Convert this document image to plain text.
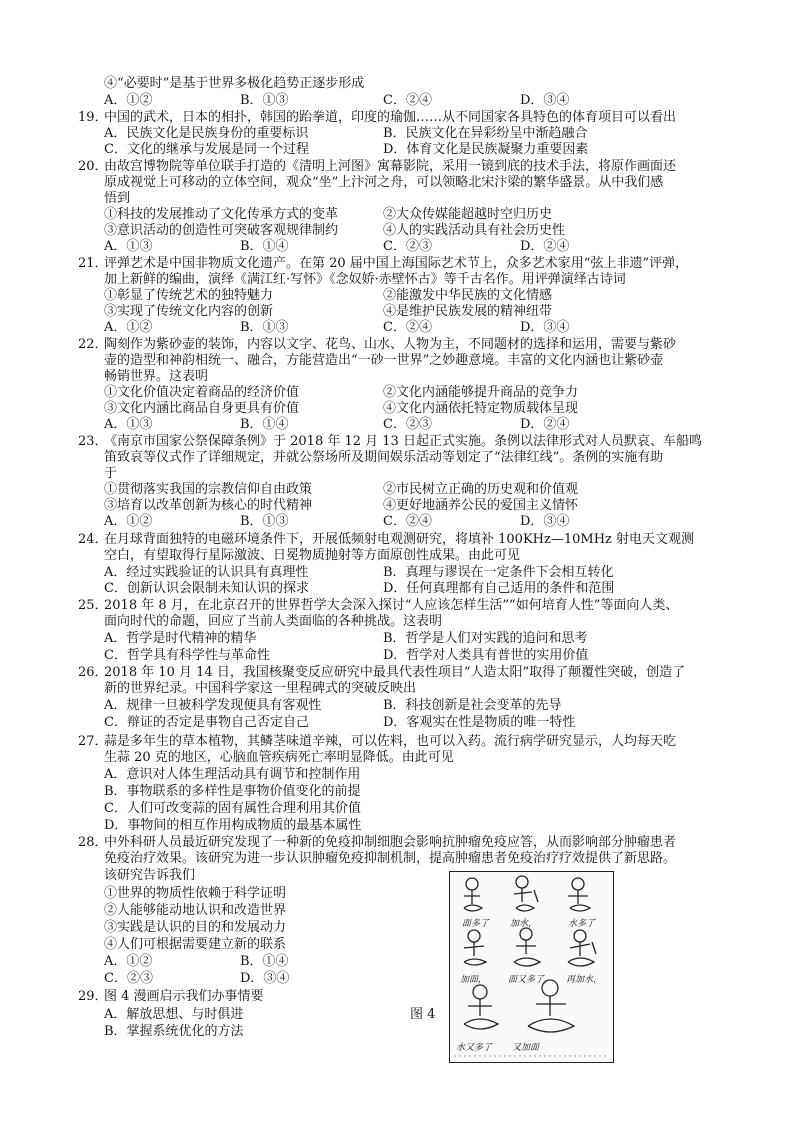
④“必要时”是基于世界多极化趋势正逐步形成
A．①②	B．①③	C．②④	D．③④
19．
中国的武术，日本的相扑，韩国的跆拳道，印度的瑜伽……从不同国家各具特色的体育项目可以看出
A．民族文化是民族身份的重要标识	B．民族文化在异彩纷呈中渐趋融合
C．文化的继承与发展是同一个过程	D．体育文化是民族凝聚力重要因素
20．
由故宫博物院等单位联手打造的《清明上河图》寓幕影院，采用一镜到底的技术手法，将原作画面还
原成视觉上可移动的立体空间，观众“坐”上汴河之舟，可以领略北宋汴梁的繁华盛景。从中我们感
悟到
①科技的发展推动了文化传承方式的变革	②大众传媒能超越时空归历史
③意识活动的创造性可突破客观规律制约	④人的实践活动具有社会历史性
A．①③	B．①④	C．②③	D．②④
21．
评弹艺术是中国非物质文化遗产。在第 20 届中国上海国际艺术节上，众多艺术家用“弦上非遗”评弹，
加上新鲜的编曲，演绎《满江红·写怀》《念奴娇·赤壁怀古》等千古名作。用评弹演绎古诗词
①彰显了传统艺术的独特魅力	②能激发中华民族的文化情感
③实现了传统文化内容的创新	④是维护民族发展的精神纽带
A．①②	B．①③	C．②④	D．③④
22．
陶刻作为紫砂壶的装饰，内容以文字、花鸟、山水、人物为主，不同题材的选择和运用，需要与紫砂
壶的造型和神韵相统一、融合，方能营造出“一砂一世界”之妙趣意境。丰富的文化内涵也让紫砂壶
畅销世界。这表明
①文化价值决定着商品的经济价值	②文化内涵能够提升商品的竞争力
③文化内涵比商品自身更具有价值	④文化内涵依托特定物质载体呈现
A．①③	B．①④	C．②③	D．②④
23．
《南京市国家公祭保障条例》于 2018 年 12 月 13 日起正式实施。条例以法律形式对人员默哀、车船鸣
笛致哀等仪式作了详细规定，并就公祭场所及期间娱乐活动等划定了“法律红线”。条例的实施有助
于
①贯彻落实我国的宗教信仰自由政策	②市民树立正确的历史观和价值观
③培育以改革创新为核心的时代精神	④更好地涵养公民的爱国主义情怀
A．①②	B．①③	C．②④	D．③④
24．
在月球背面独特的电磁环境条件下，开展低频射电观测研究，将填补 100KHz—10MHz 射电天文观测
空白，有望取得行星际激波、日冕物质抛射等方面原创性成果。由此可见
A．经过实践验证的认识具有真理性	B．真理与谬误在一定条件下会相互转化
C．创新认识会限制未知认识的探求	D．任何真理都有自己适用的条件和范围
25．
2018 年 8 月，在北京召开的世界哲学大会深入探讨“人应该怎样生活”“如何培育人性”等面向人类、
面向时代的命题，回应了当前人类面临的各种挑战。这表明
A．哲学是时代精神的精华	B．哲学是人们对实践的追问和思考
C．哲学具有科学性与革命性	D．哲学对人类具有普世的实用价值
26．
2018 年 10 月 14 日，我国核聚变反应研究中最具代表性项目“人造太阳”取得了颠覆性突破，创造了
新的世界纪录。中国科学家这一里程碑式的突破反映出
A．规律一旦被科学发现便具有客观性	B．科技创新是社会变革的先导
C．辩证的否定是事物自己否定自己	D．客观实在性是物质的唯一特性
27．
蒜是多年生的草本植物，其鳞茎味道辛辣，可以佐料，也可以入药。流行病学研究显示，人均每天吃
生蒜 20 克的地区，心脑血管疾病死亡率明显降低。由此可见
A．意识对人体生理活动具有调节和控制作用
B．事物联系的多样性是事物价值变化的前提
C．人们可改变蒜的固有属性合理利用其价值
D．事物间的相互作用构成物质的最基本属性
28．
中外科研人员最近研究发现了一种新的免疫抑制细胞会影响抗肿瘤免疫应答，从而影响部分肿瘤患者
免疫治疗效果。该研究为进一步认识肿瘤免疫抑制机制，提高肿瘤患者免疫治疗疗效提供了新思路。
该研究告诉我们
①世界的物质性依赖于科学证明
②人能够能动地认识和改造世界
③实践是认识的目的和发展动力
④人们可根据需要建立新的联系
A．①②	B．①④
C．②③	D．③④
29．
图 4 漫画启示我们办事情要
A．解放思想、与时俱进
B．掌握系统优化的方法
图 4
面多了 加水，	水多了
加面， 面又多了， 再加水，
水又多了 又加面
